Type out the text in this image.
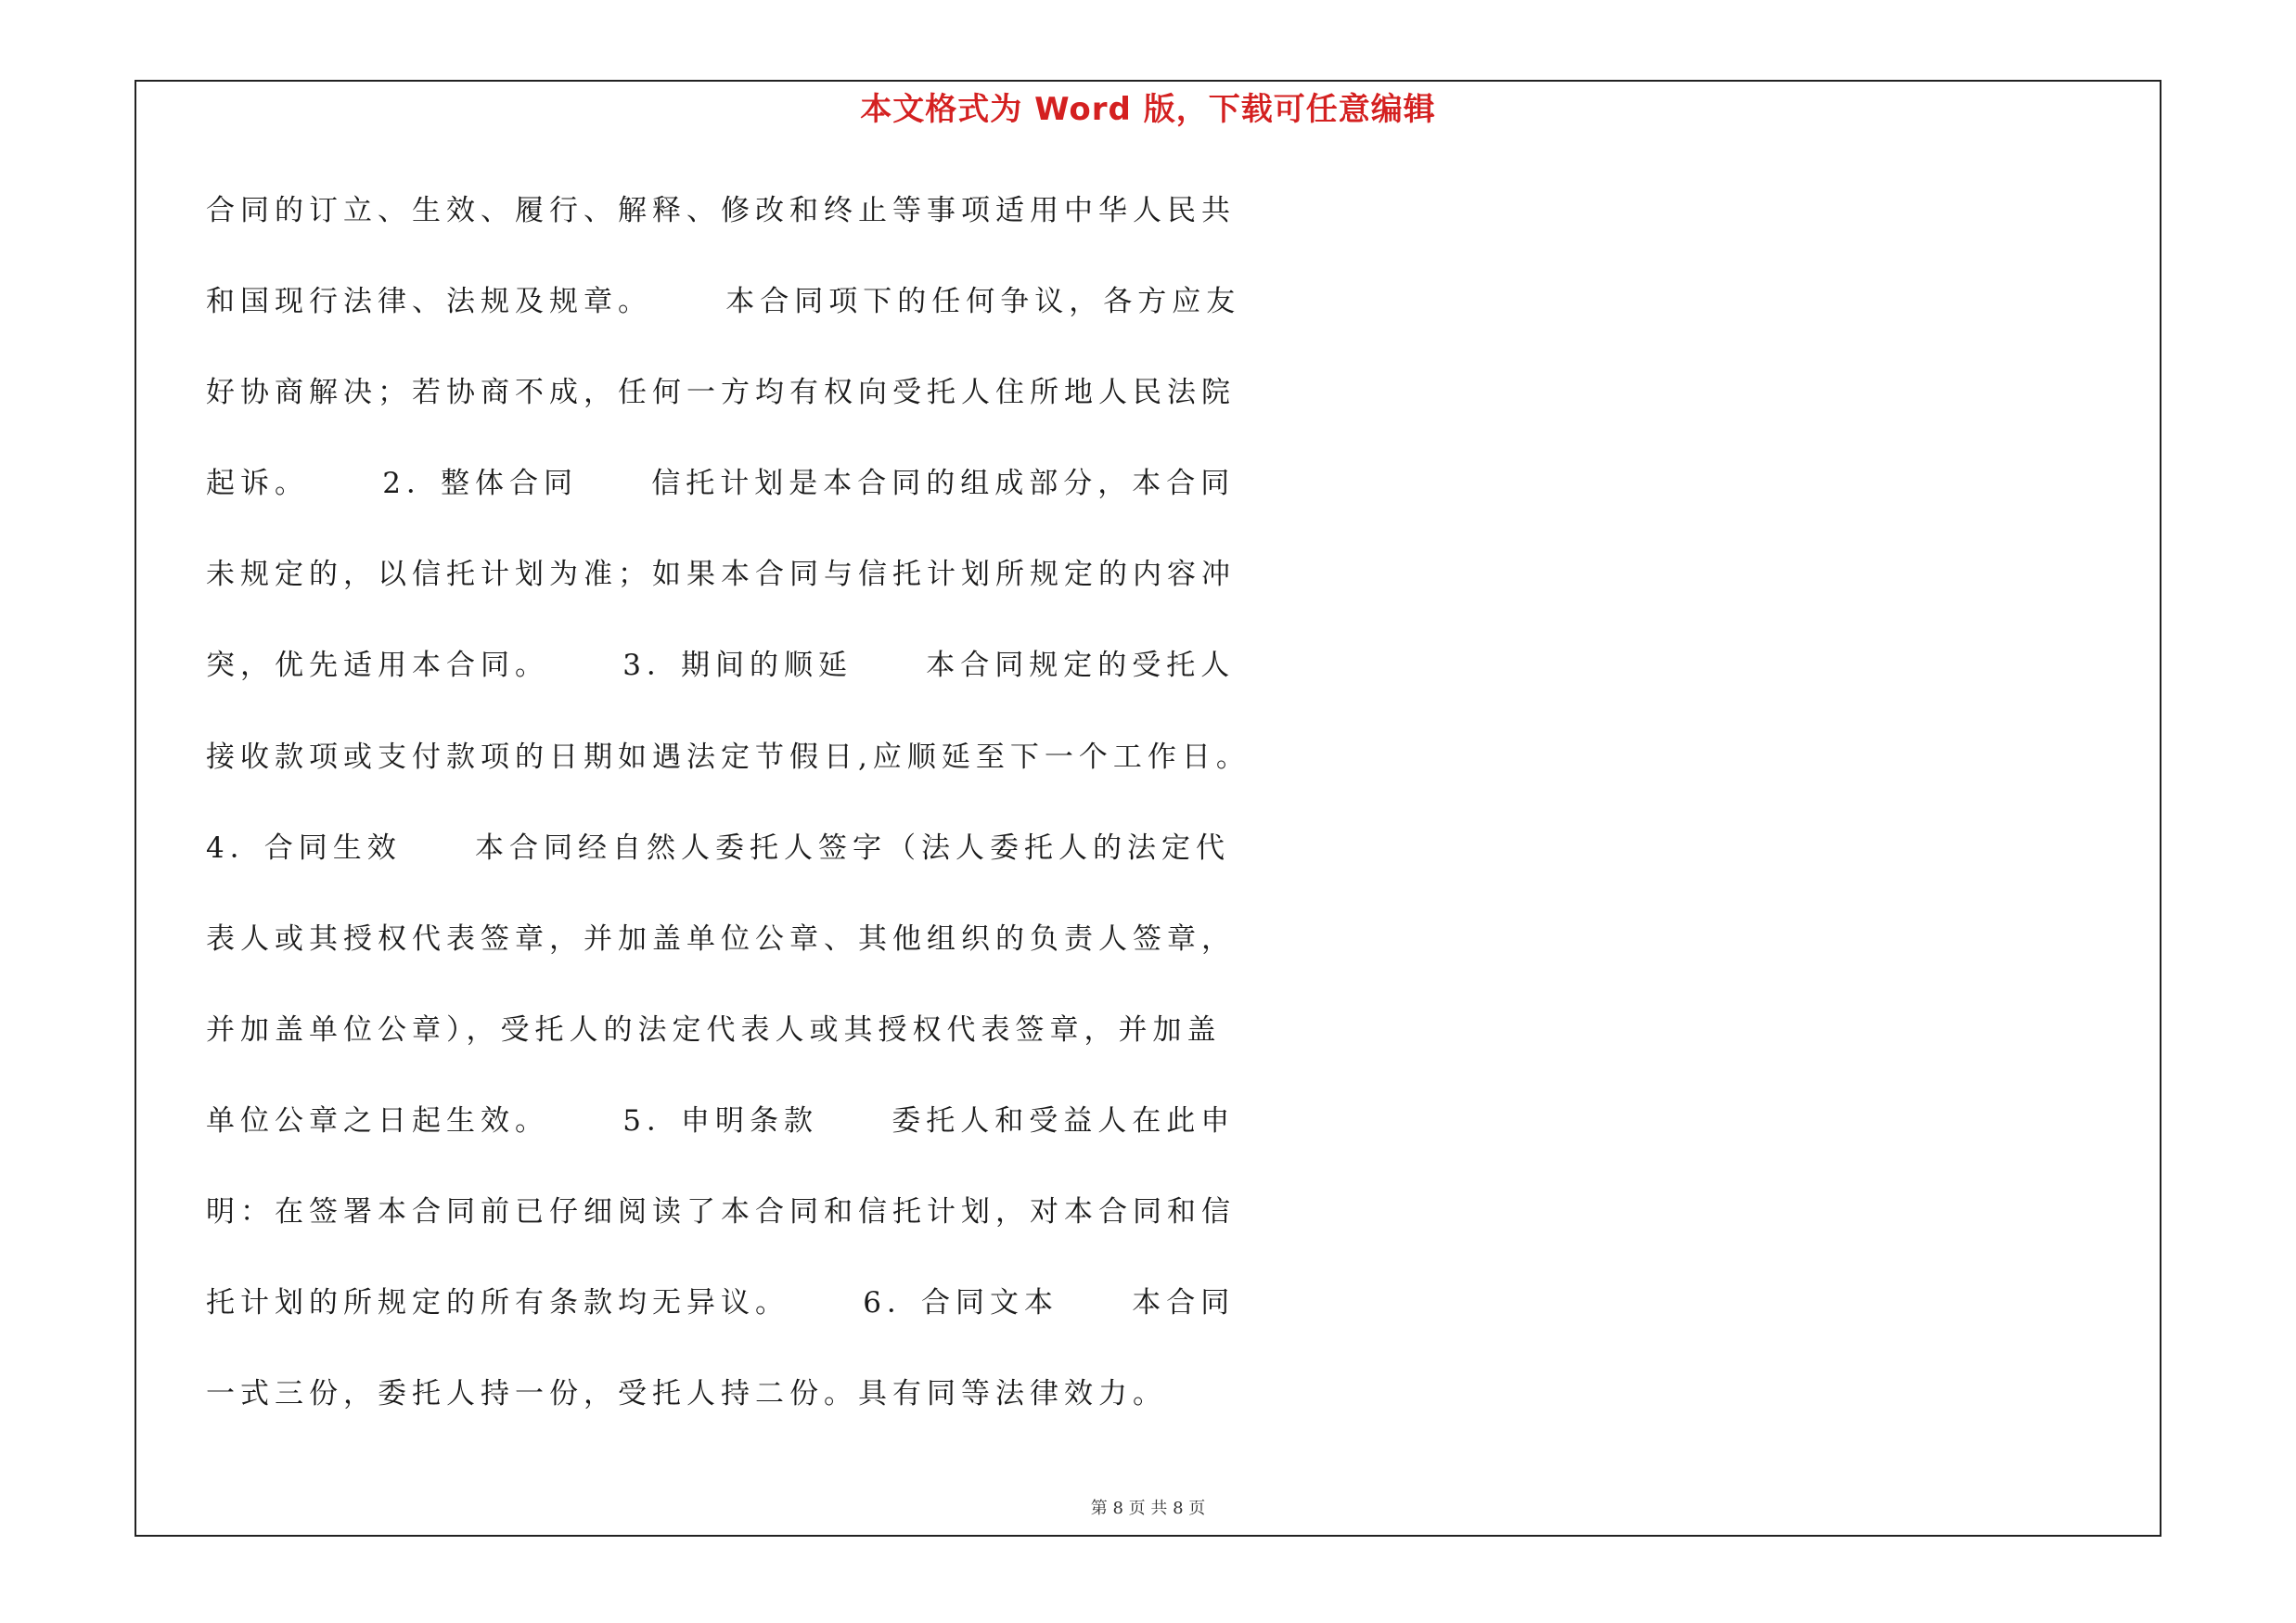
本文格式为 Word 版，下载可任意编辑
合同的订立、生效、履行、解释、修改和终止等事项适用中华人民共
和国现行法律、法规及规章。     本合同项下的任何争议，各方应友
好协商解决；若协商不成，任何一方均有权向受托人住所地人民法院
起诉。     2．整体合同     信托计划是本合同的组成部分，本合同
未规定的，以信托计划为准；如果本合同与信托计划所规定的内容冲
突，优先适用本合同。     3．期间的顺延     本合同规定的受托人
接收款项或支付款项的日期如遇法定节假日,应顺延至下一个工作日。
4．合同生效     本合同经自然人委托人签字（法人委托人的法定代
表人或其授权代表签章，并加盖单位公章、其他组织的负责人签章，
并加盖单位公章），受托人的法定代表人或其授权代表签章，并加盖
单位公章之日起生效。     5．申明条款     委托人和受益人在此申
明：在签署本合同前已仔细阅读了本合同和信托计划，对本合同和信
托计划的所规定的所有条款均无异议。     6．合同文本     本合同
一式三份，委托人持一份，受托人持二份。具有同等法律效力。
第 8 页 共 8 页
